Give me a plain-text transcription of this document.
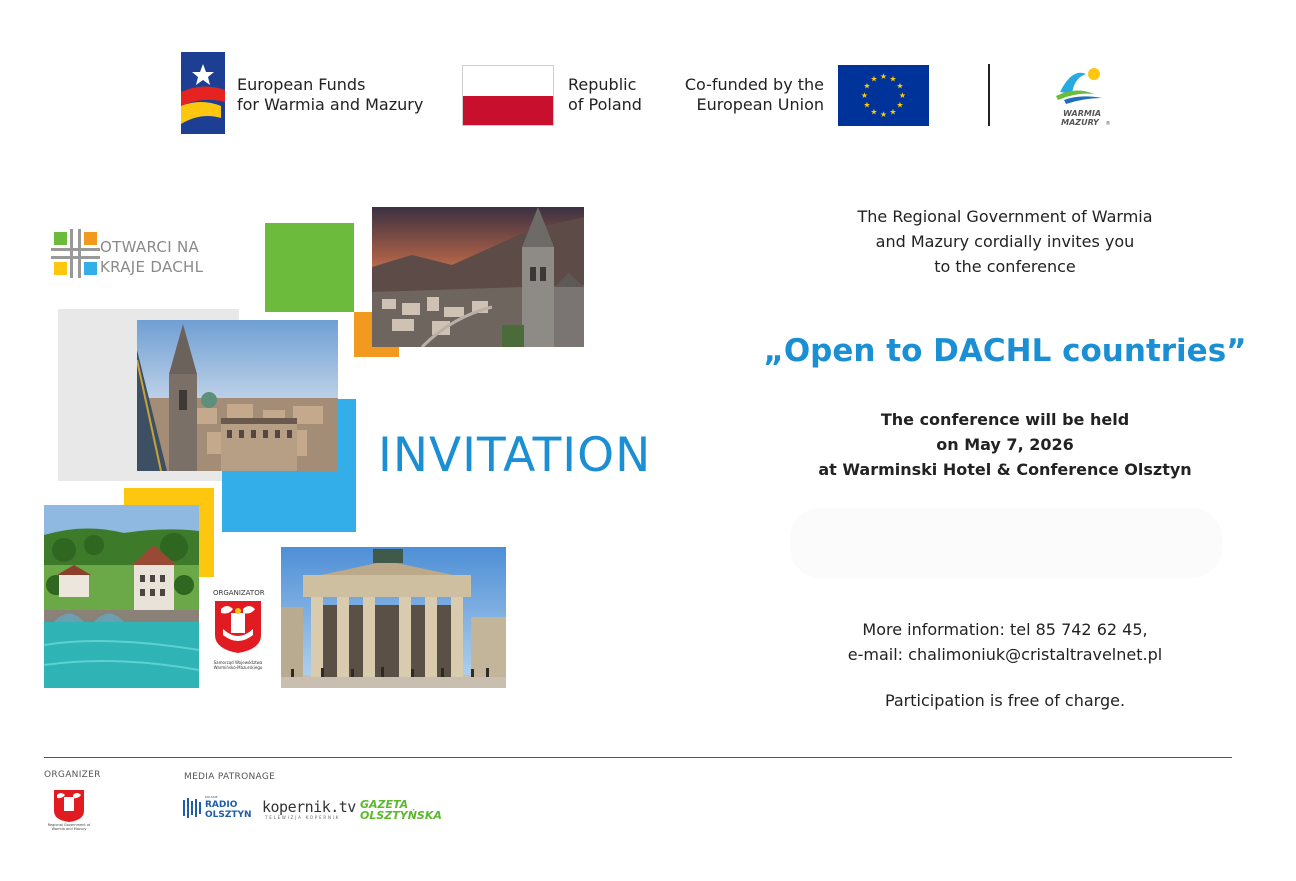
European Funds
for Warmia and Mazury
Republic
of Poland
Co-funded by the
European Union
★ ★
★
★
★
★
★
★
★
★
★
★
WARMIA
MAZURY ®
OTWARCI NA
KRAJE DACHL
ORGANIZATOR
Samorząd Województwa Warmińsko-Mazurskiego
INVITATION
The Regional Government of Warmia
and Mazury cordially invites you
to the conference
„Open to DACHL countries”
The conference will be held
on May 7, 2026
at Warminski Hotel & Conference Olsztyn
More information: tel 85 742 62 45,
e-mail: chalimoniuk@cristaltravelnet.pl
Participation is free of charge.
ORGANIZER
Regional Government of Warmia and Mazury
MEDIA PATRONAGE
POLSKIE
RADIO
OLSZTYN kopernik.tv
TELEWIZJA KOPERNIK
GAZETA
OLSZTYŃSKA
